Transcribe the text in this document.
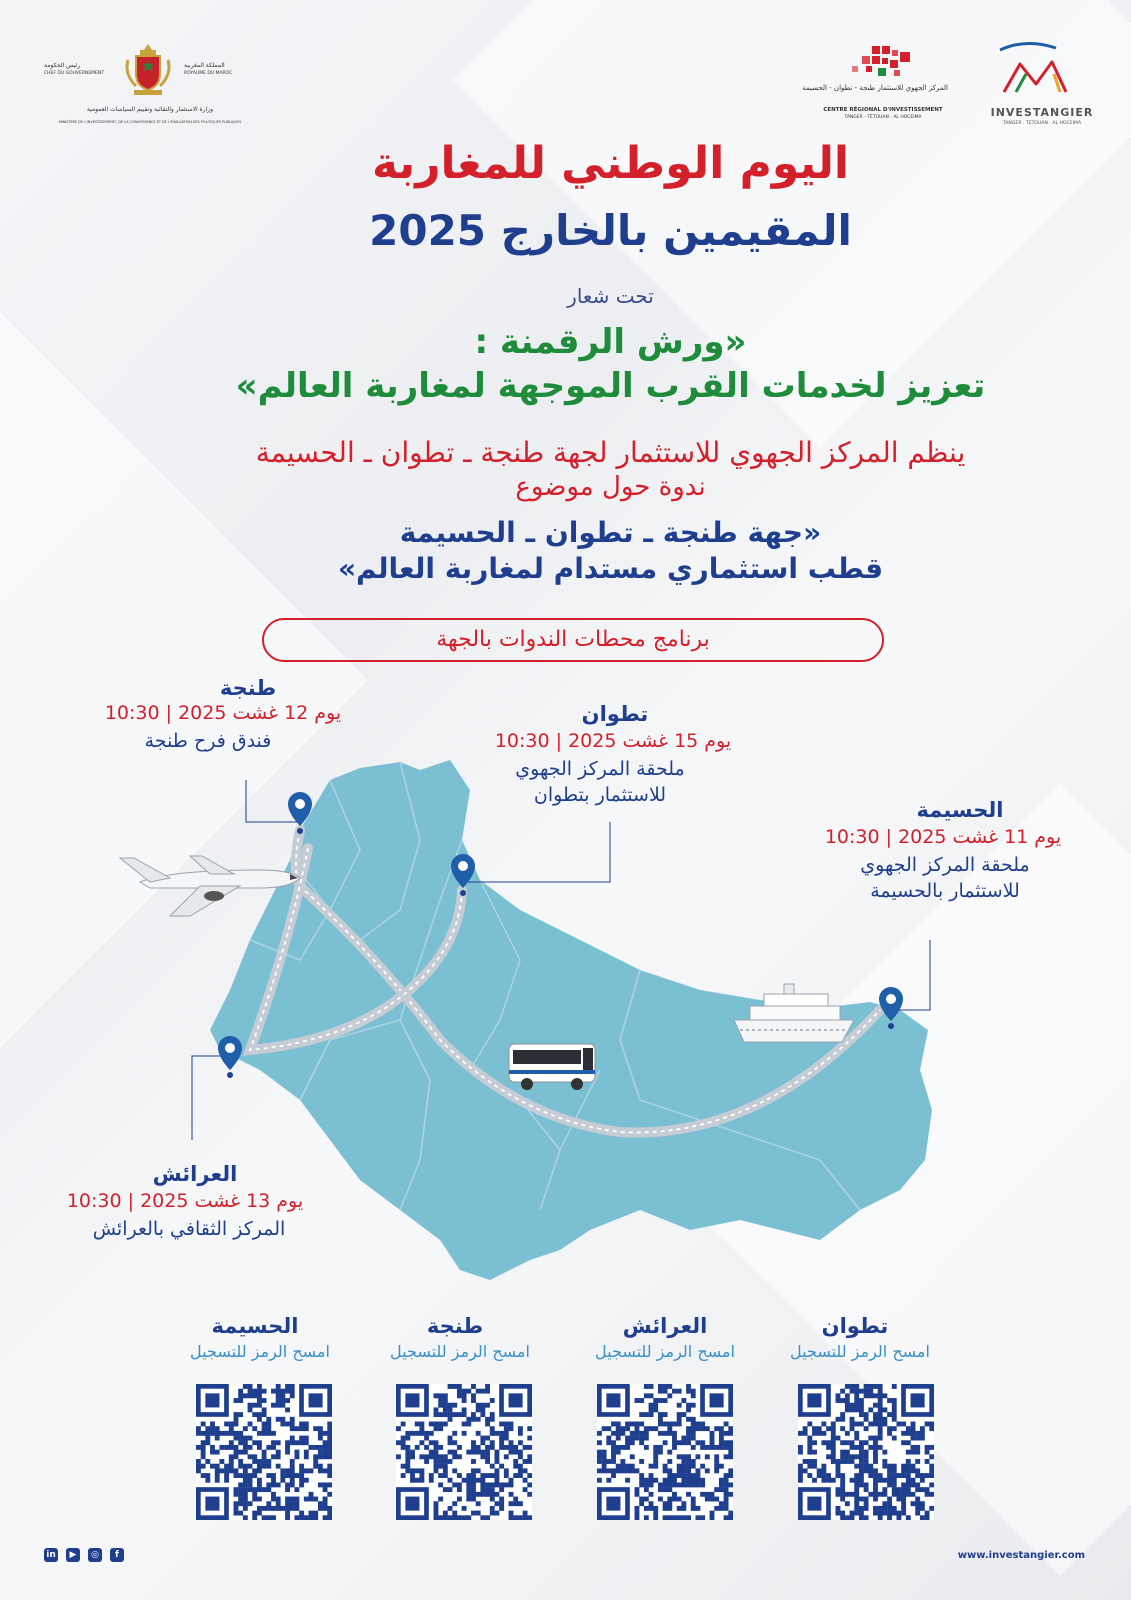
رئيس الحكومة
CHEF DU GOUVERNEMENT
المملكة المغربية
ROYAUME DU MAROC
وزارة الاستثمار والتقائية وتقييم السياسات العمومية
MINISTÈRE DE L'INVESTISSEMENT, DE LA CONVERGENCE ET DE L'ÉVALUATION DES POLITIQUES PUBLIQUES
المركز الجهوي للاستثمار طنجة - تطوان - الحسيمة
CENTRE RÉGIONAL D'INVESTISSEMENT
TANGER - TÉTOUAN - AL HOCEIMA	INVESTANGIER
TANGER . TETOUAN . AL HOCEIMA
اليوم الوطني للمغاربة
المقيمين بالخارج 2025
تحت شعار
«ورش الرقمنة :
تعزيز لخدمات القرب الموجهة لمغاربة العالم»
ينظم المركز الجهوي للاستثمار لجهة طنجة ـ تطوان ـ الحسيمة
ندوة حول موضوع
«جهة طنجة ـ تطوان ـ الحسيمة
قطب استثماري مستدام لمغاربة العالم»
برنامج محطات الندوات بالجهة
طنجة
يوم 12 غشت 2025 | 10:30
فندق فرح طنجة
تطوان
يوم 15 غشت 2025 | 10:30
ملحقة المركز الجهوي
للاستثمار بتطوان
الحسيمة
يوم 11 غشت 2025 | 10:30
ملحقة المركز الجهوي
للاستثمار بالحسيمة
العرائش
يوم 13 غشت 2025 | 10:30
المركز الثقافي بالعرائش
الحسيمة
امسح الرمز للتسجيل
طنجة
امسح الرمز للتسجيل
العرائش
امسح الرمز للتسجيل
تطوان
امسح الرمز للتسجيل
in	▶	◎	f	www.investangier.com
